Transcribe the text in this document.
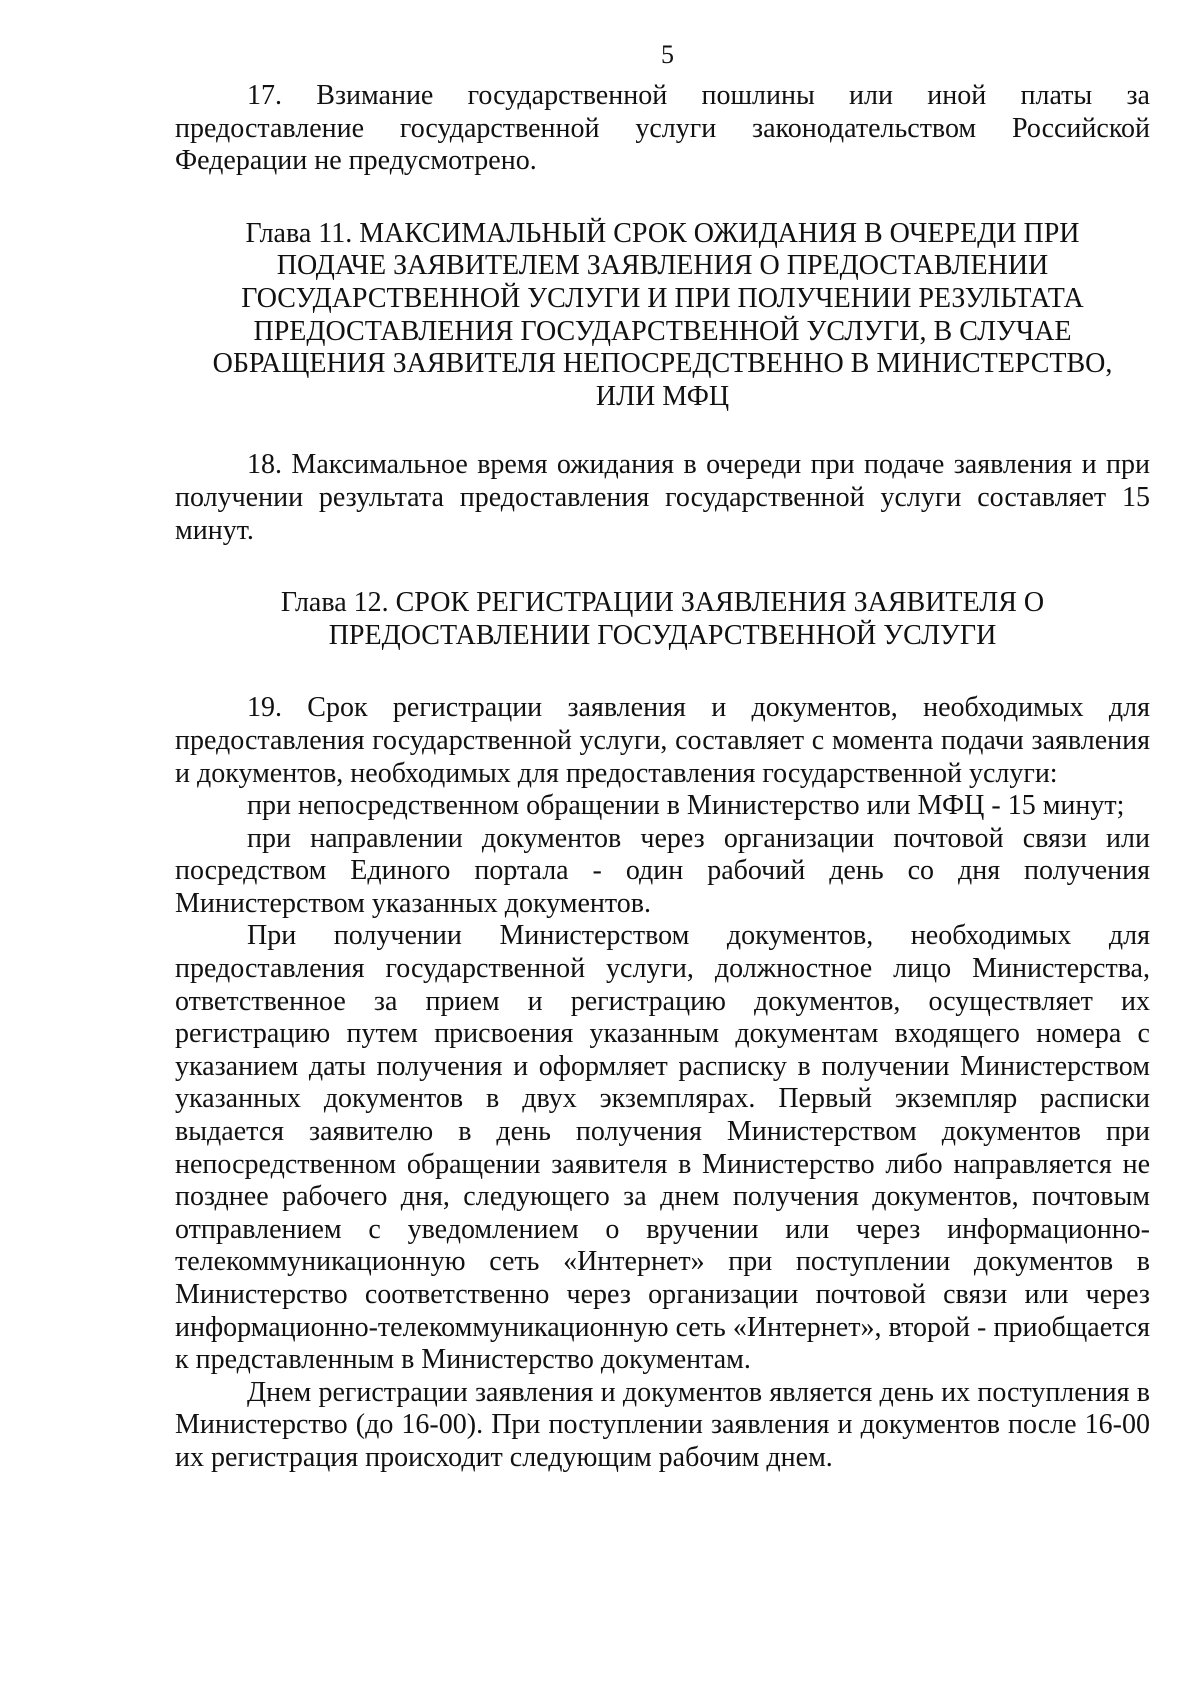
5

17. Взимание государственной пошлины или иной платы за предоставление государственной услуги законодательством Российской Федерации не предусмотрено.

Глава 11. МАКСИМАЛЬНЫЙ СРОК ОЖИДАНИЯ В ОЧЕРЕДИ ПРИ ПОДАЧЕ ЗАЯВИТЕЛЕМ ЗАЯВЛЕНИЯ О ПРЕДОСТАВЛЕНИИ ГОСУДАРСТВЕННОЙ УСЛУГИ И ПРИ ПОЛУЧЕНИИ РЕЗУЛЬТАТА ПРЕДОСТАВЛЕНИЯ ГОСУДАРСТВЕННОЙ УСЛУГИ, В СЛУЧАЕ ОБРАЩЕНИЯ ЗАЯВИТЕЛЯ НЕПОСРЕДСТВЕННО В МИНИСТЕРСТВО, ИЛИ МФЦ

18. Максимальное время ожидания в очереди при подаче заявления и при получении результата предоставления государственной услуги составляет 15 минут.

Глава 12. СРОК РЕГИСТРАЦИИ ЗАЯВЛЕНИЯ ЗАЯВИТЕЛЯ О ПРЕДОСТАВЛЕНИИ ГОСУДАРСТВЕННОЙ УСЛУГИ

19. Срок регистрации заявления и документов, необходимых для предоставления государственной услуги, составляет с момента подачи заявления и документов, необходимых для предоставления государственной услуги:

при непосредственном обращении в Министерство или МФЦ - 15 минут;

при направлении документов через организации почтовой связи или посредством Единого портала - один рабочий день со дня получения Министерством указанных документов.

При получении Министерством документов, необходимых для предоставления государственной услуги, должностное лицо Министерства, ответственное за прием и регистрацию документов, осуществляет их регистрацию путем присвоения указанным документам входящего номера с указанием даты получения и оформляет расписку в получении Министерством указанных документов в двух экземплярах. Первый экземпляр расписки выдается заявителю в день получения Министерством документов при непосредственном обращении заявителя в Министерство либо направляется не позднее рабочего дня, следующего за днем получения документов, почтовым отправлением с уведомлением о вручении или через информационно-телекоммуникационную сеть «Интернет» при поступлении документов в Министерство соответственно через организации почтовой связи или через информационно-телекоммуникационную сеть «Интернет», второй - приобщается к представленным в Министерство документам.

Днем регистрации заявления и документов является день их поступления в Министерство (до 16-00). При поступлении заявления и документов после 16-00 их регистрация происходит следующим рабочим днем.
